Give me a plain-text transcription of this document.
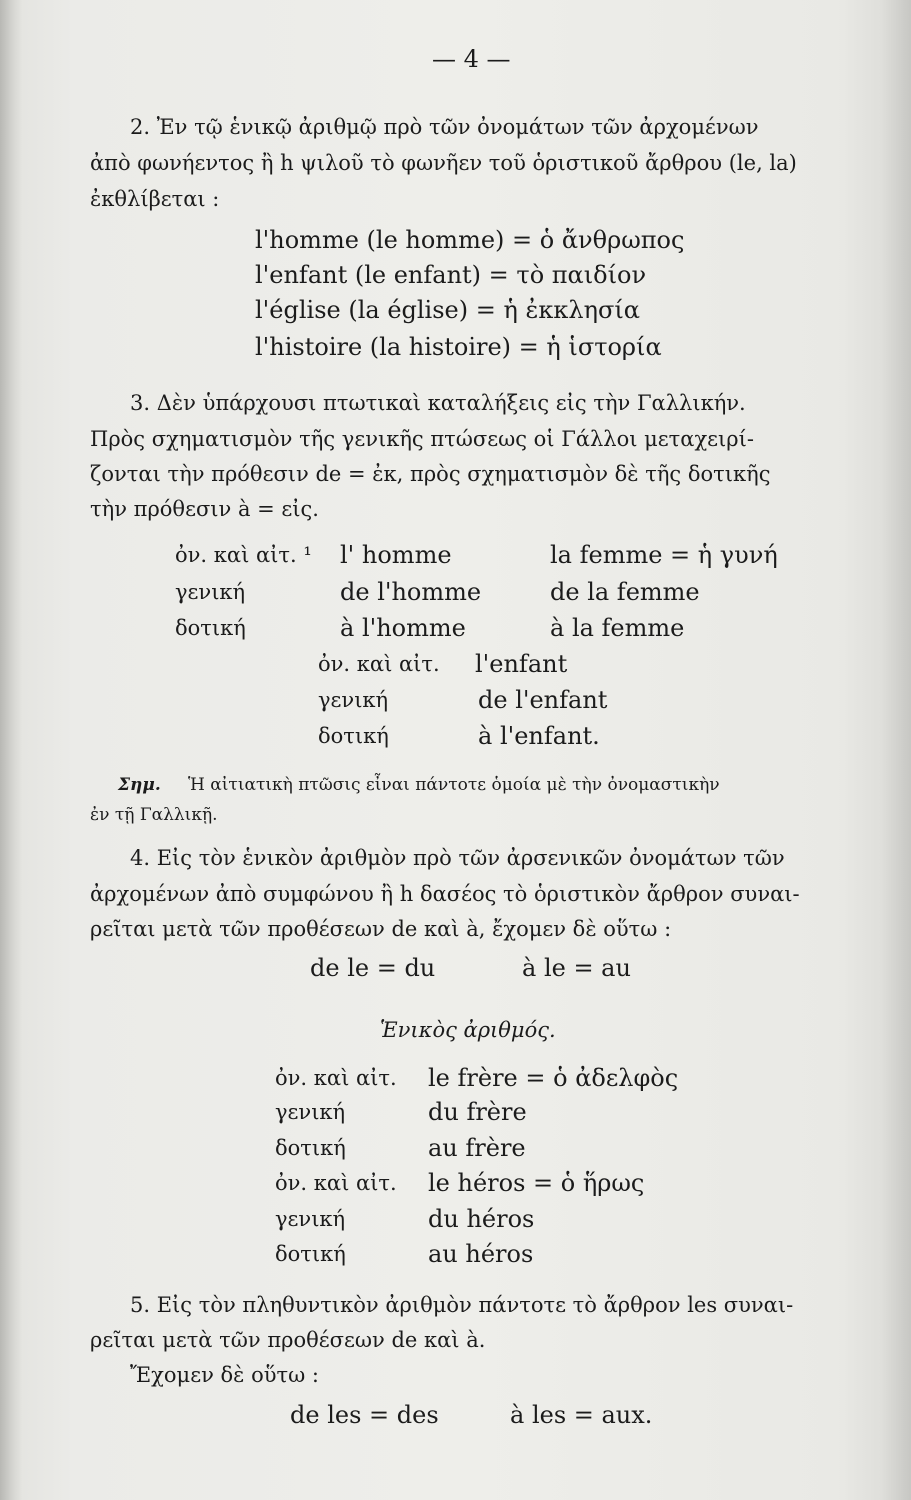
— 4 —
2. Ἐν τῷ ἑνικῷ ἀριθμῷ πρὸ τῶν ὀνομάτων τῶν ἀρχομένων
ἀπὸ φωνήεντος ἢ h ψιλοῦ τὸ φωνῆεν τοῦ ὁριστικοῦ ἄρθρου (le, la)
ἐκθλίβεται :
l'homme (le homme) = ὁ ἄνθρωπος
l'enfant (le enfant) = τὸ παιδίον
l'église (la église) = ἡ ἐκκλησία
l'histoire (la histoire) = ἡ ἱστορία
3. Δὲν ὑπάρχουσι πτωτικαὶ καταλήξεις εἰς τὴν Γαλλικήν.
Πρὸς σχηματισμὸν τῆς γενικῆς πτώσεως οἱ Γάλλοι μεταχειρί-
ζονται τὴν πρόθεσιν de = ἐκ, πρὸς σχηματισμὸν δὲ τῆς δοτικῆς
τὴν πρόθεσιν à = εἰς.
ὀν. καὶ αἰτ. ¹ l' homme	la femme = ἡ γυνή
γενική	de l'homme	de la femme
δοτική	à l'homme	à la femme
ὀν. καὶ αἰτ. l'enfant
γενική	de l'enfant
δοτική	à l'enfant.
Σημ. Ἡ αἰτιατικὴ πτῶσις εἶναι πάντοτε ὁμοία μὲ τὴν ὀνομαστικὴν
ἐν τῇ Γαλλικῇ.
4. Εἰς τὸν ἑνικὸν ἀριθμὸν πρὸ τῶν ἀρσενικῶν ὀνομάτων τῶν
ἀρχομένων ἀπὸ συμφώνου ἢ h δασέος τὸ ὁριστικὸν ἄρθρον συναι-
ρεῖται μετὰ τῶν προθέσεων de καὶ à, ἔχομεν δὲ οὕτω :
de le = du	à le = au
Ἑνικὸς ἀριθμός.
ὀν. καὶ αἰτ. le frère = ὁ ἀδελφὸς
γενική	du frère
δοτική	au frère
ὀν. καὶ αἰτ. le héros = ὁ ἥρως
γενική	du héros
δοτική	au héros
5. Εἰς τὸν πληθυντικὸν ἀριθμὸν πάντοτε τὸ ἄρθρον les συναι-
ρεῖται μετὰ τῶν προθέσεων de καὶ à.
Ἔχομεν δὲ οὕτω :
de les = des	à les = aux.
